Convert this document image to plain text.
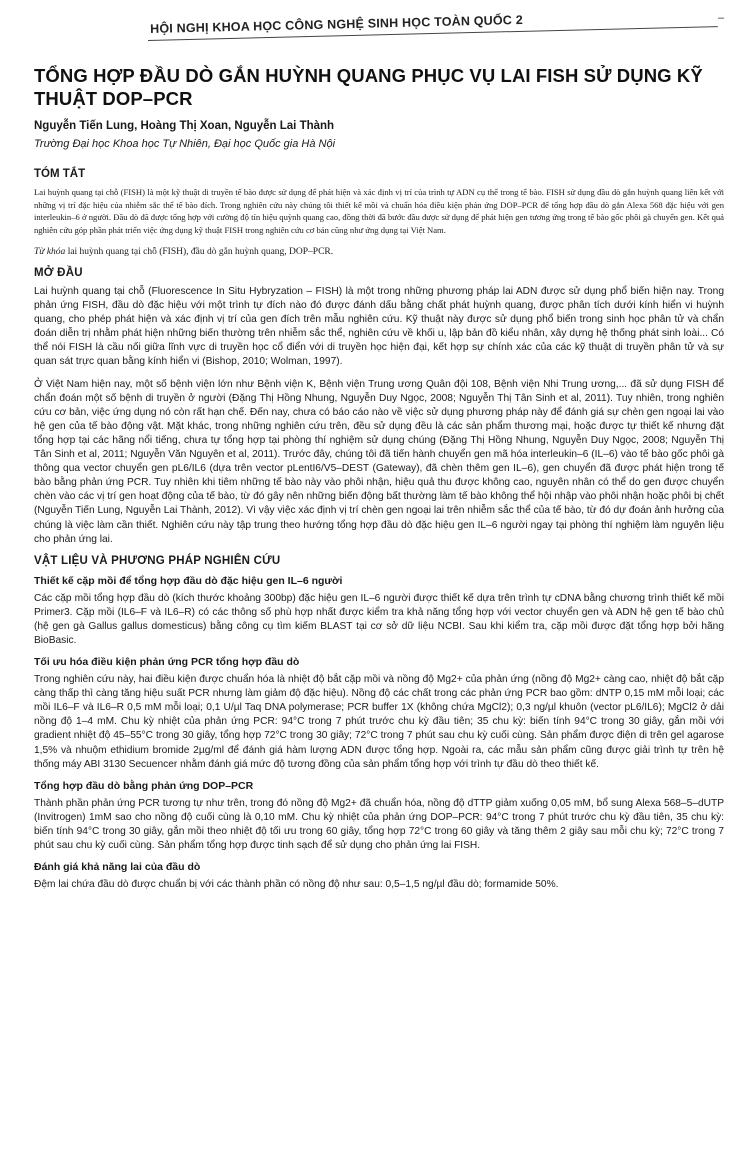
HỘI NGHỊ KHOA HỌC CÔNG NGHỆ SINH HỌC TOÀN QUỐC 2	–
TỔNG HỢP ĐẦU DÒ GẮN HUỲNH QUANG PHỤC VỤ LAI FISH SỬ DỤNG KỸ THUẬT DOP–PCR
Nguyễn Tiến Lung, Hoàng Thị Xoan, Nguyễn Lai Thành
Trường Đại học Khoa học Tự Nhiên, Đại học Quốc gia Hà Nội
TÓM TẮT

Lai huỳnh quang tại chỗ (FISH) là một kỹ thuật di truyền tế bào được sử dụng để phát hiện và xác định vị trí của trình tự ADN cụ thể trong tế bào. FISH sử dụng đầu dò gắn huỳnh quang liên kết với những vị trí đặc hiệu của nhiễm sắc thể tế bào đích. Trong nghiên cứu này chúng tôi thiết kế mồi và chuẩn hóa điều kiện phản ứng DOP–PCR để tổng hợp đầu dò gắn Alexa 568 đặc hiệu với gen interleukin–6 ở người. Đầu dò đã được tổng hợp với cường độ tín hiệu quỳnh quang cao, đồng thời đã bước đầu được sử dụng để phát hiện gen tương ứng trong tế bào gốc phôi gà chuyển gen. Kết quả nghiên cứu góp phần phát triển việc ứng dụng kỹ thuật FISH trong nghiên cứu cơ bản cũng như ứng dụng tại Việt Nam.

Từ khóa lai huỳnh quang tại chỗ (FISH), đầu dò gắn huỳnh quang, DOP–PCR.

MỞ ĐẦU

Lai huỳnh quang tại chỗ (Fluorescence In Situ Hybryzation – FISH) là một trong những phương pháp lai ADN được sử dụng phổ biến hiện nay. Trong phản ứng FISH, đầu dò đặc hiệu với một trình tự đích nào đó được đánh dấu bằng chất phát huỳnh quang, được phân tích dưới kính hiển vi huỳnh quang, cho phép phát hiện và xác định vị trí của gen đích trên mẫu nghiên cứu. Kỹ thuật này được sử dụng phổ biến trong sinh học phân tử và chẩn đoán diễn trị nhằm phát hiện những biến thường trên nhiễm sắc thể, nghiên cứu về khối u, lập bản đồ kiểu nhân, xây dựng hệ thống phát sinh loài... Có thể nói FISH là cầu nối giữa lĩnh vực di truyền học cổ điển với di truyền học hiện đại, kết hợp sự chính xác của các kỹ thuật di truyền phân tử và sự quan sát trực quan bằng kính hiển vi (Bishop, 2010; Wolman, 1997).

Ở Việt Nam hiện nay, một số bệnh viện lớn như Bệnh viện K, Bệnh viện Trung ương Quân đội 108, Bệnh viện Nhi Trung ương,... đã sử dụng FISH để chẩn đoán một số bệnh di truyền ở người (Đặng Thị Hồng Nhung, Nguyễn Duy Ngọc, 2008; Nguyễn Thị Tân Sinh et al, 2011). Tuy nhiên, trong nghiên cứu cơ bản, việc ứng dụng nó còn rất hạn chế. Đến nay, chưa có báo cáo nào về việc sử dụng phương pháp này để đánh giá sự chèn gen ngoại lai vào hệ gen của tế bào động vật. Mặt khác, trong những nghiên cứu trên, đều sử dụng đều là các sản phẩm thương mại, hoặc được tự thiết kế nhưng đặt tổng hợp tại các hãng nổi tiếng, chưa tự tổng hợp tại phòng thí nghiệm sử dụng chúng (Đặng Thị Hồng Nhung, Nguyễn Duy Ngọc, 2008; Nguyễn Thị Tân Sinh et al, 2011; Nguyễn Văn Nguyên et al, 2011). Trước đây, chúng tôi đã tiến hành chuyển gen mã hóa interleukin–6 (IL–6) vào tế bào gốc phôi gà thông qua vector chuyển gen pL6/IL6 (dựa trên vector pLentI6/V5–DEST (Gateway), đã chèn thêm gen IL–6), gen chuyển đã được phát hiện trong tế bào bằng phản ứng PCR. Tuy nhiên khi tiêm những tế bào này vào phôi nhận, hiệu quả thu được không cao, nguyên nhân có thể do gen được chuyển chèn vào các vị trí gen hoạt động của tế bào, từ đó gây nên những biến động bất thường làm tế bào không thể hội nhập vào phôi nhận hoặc phôi bị chết (Nguyễn Tiến Lung, Nguyễn Lai Thành, 2012). Vì vậy việc xác định vị trí chèn gen ngoại lai trên nhiễm sắc thể của tế bào, từ đó dự đoán ảnh hưởng của chúng là việc làm cần thiết. Nghiên cứu này tập trung theo hướng tổng hợp đầu dò đặc hiệu gen IL–6 người ngay tại phòng thí nghiệm làm nguyên liệu cho phản ứng lai.

VẬT LIỆU VÀ PHƯƠNG PHÁP NGHIÊN CỨU
Thiết kế cặp mồi để tổng hợp đầu dò đặc hiệu gen IL–6 người

Các cặp mồi tổng hợp đầu dò (kích thước khoảng 300bp) đặc hiệu gen IL–6 người được thiết kế dựa trên trình tự cDNA bằng chương trình thiết kế mồi Primer3. Cặp mồi (IL6–F và IL6–R) có các thông số phù hợp nhất được kiểm tra khả năng tổng hợp với vector chuyển gen và ADN hệ gen tế bào chủ (hệ gen gà Gallus gallus domesticus) bằng công cụ tìm kiếm BLAST tại cơ sở dữ liệu NCBI. Sau khi kiểm tra, cặp mồi được đặt tổng hợp bởi hãng BioBasic.

Tối ưu hóa điều kiện phản ứng PCR tổng hợp đầu dò

Trong nghiên cứu này, hai điều kiện được chuẩn hóa là nhiệt độ bắt cặp mồi và nồng độ Mg2+ của phản ứng (nồng độ Mg2+ càng cao, nhiệt độ bắt cặp càng thấp thì càng tăng hiệu suất PCR nhưng làm giảm độ đặc hiệu). Nồng độ các chất trong các phản ứng PCR bao gồm: dNTP 0,15 mM mỗi loại; các mồi IL6–F và IL6–R 0,5 mM mỗi loại; 0,1 U/µl Taq DNA polymerase; PCR buffer 1X (không chứa MgCl2); 0,3 ng/µl khuôn (vector pL6/IL6); MgCl2 ở dải nồng độ 1–4 mM. Chu kỳ nhiệt của phản ứng PCR: 94°C trong 7 phút trước chu kỳ đầu tiên; 35 chu kỳ: biến tính 94°C trong 30 giây, gắn mồi với gradient nhiệt độ 45–55°C trong 30 giây, tổng hợp 72°C trong 30 giây; 72°C trong 7 phút sau chu kỳ cuối cùng. Sản phẩm được điện di trên gel agarose 1,5% và nhuộm ethidium bromide 2µg/ml để đánh giá hàm lượng ADN được tổng hợp. Ngoài ra, các mẫu sản phẩm cũng được giải trình tự trên hệ thống máy ABI 3130 Secuencer nhằm đánh giá mức độ tương đồng của sản phẩm tổng hợp với trình tự đầu dò theo thiết kế.

Tổng hợp đầu dò bằng phản ứng DOP–PCR

Thành phần phản ứng PCR tương tự như trên, trong đó nồng độ Mg2+ đã chuẩn hóa, nồng độ dTTP giảm xuống 0,05 mM, bổ sung Alexa 568–5–dUTP (Invitrogen) 1mM sao cho nồng độ cuối cùng là 0,10 mM. Chu kỳ nhiệt của phản ứng DOP–PCR: 94°C trong 7 phút trước chu kỳ đầu tiên, 35 chu kỳ: biến tính 94°C trong 30 giây, gắn mồi theo nhiệt độ tối ưu trong 60 giây, tổng hợp 72°C trong 60 giây và tăng thêm 2 giây sau mỗi chu kỳ; 72°C trong 7 phút sau chu kỳ cuối cùng. Sản phẩm tổng hợp được tinh sạch để sử dụng cho phản ứng lai FISH.

Đánh giá khả năng lai của đầu dò

Đệm lai chứa đầu dò được chuẩn bị với các thành phần có nồng độ như sau: 0,5–1,5 ng/µl đầu dò; formamide 50%.
